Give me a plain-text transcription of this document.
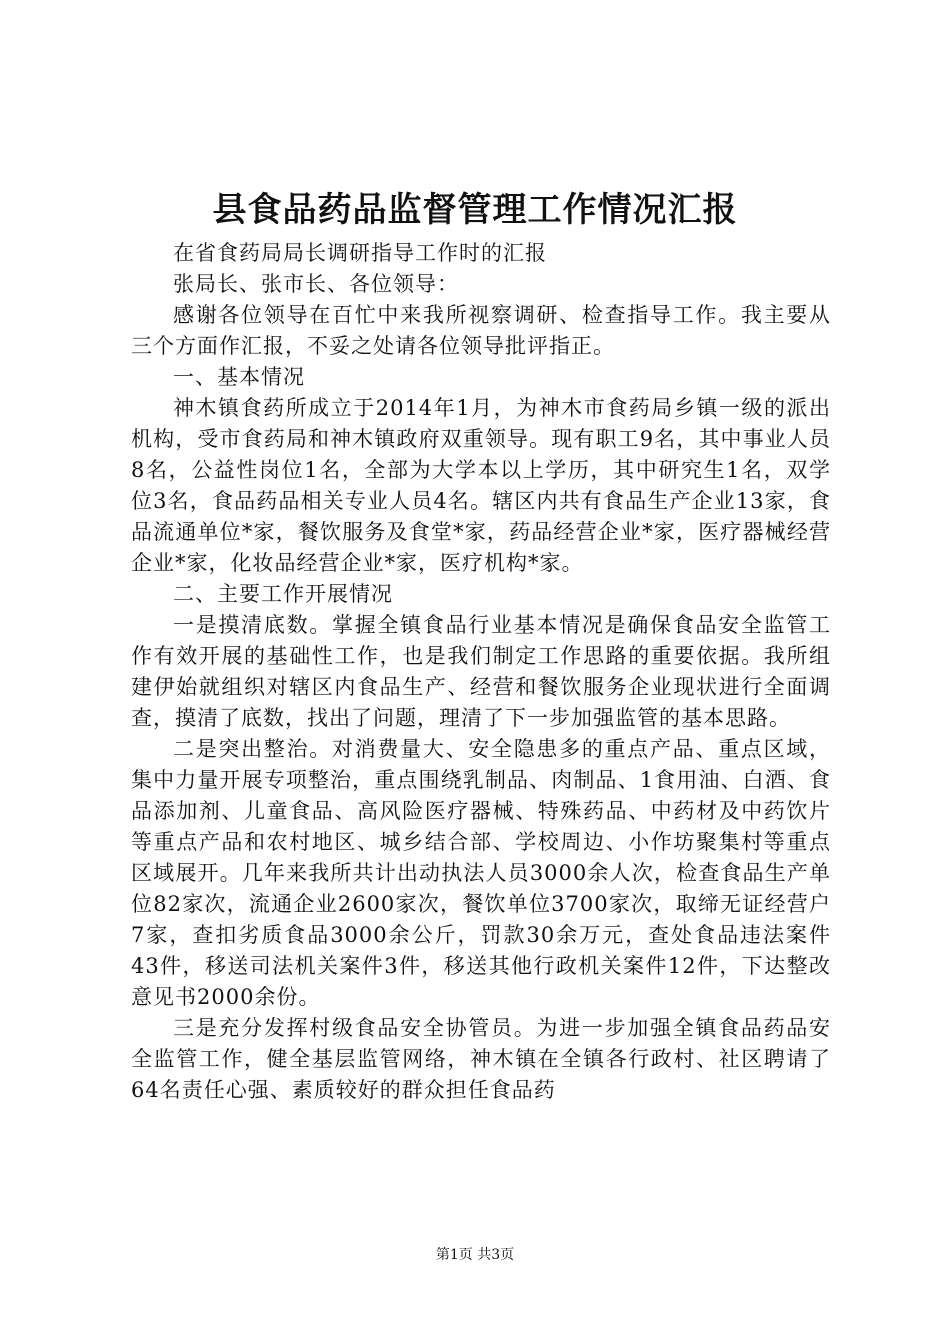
县食品药品监督管理工作情况汇报

在省食药局局长调研指导工作时的汇报

张局长、张市长、各位领导：

感谢各位领导在百忙中来我所视察调研、检查指导工作。我主要从三个方面作汇报，不妥之处请各位领导批评指正。

一、基本情况

神木镇食药所成立于2014年1月，为神木市食药局乡镇一级的派出机构，受市食药局和神木镇政府双重领导。现有职工9名，其中事业人员8名，公益性岗位1名，全部为大学本以上学历，其中研究生1名，双学位3名，食品药品相关专业人员4名。辖区内共有食品生产企业13家，食品流通单位*家，餐饮服务及食堂*家，药品经营企业*家，医疗器械经营企业*家，化妆品经营企业*家，医疗机构*家。

二、主要工作开展情况

一是摸清底数。掌握全镇食品行业基本情况是确保食品安全监管工作有效开展的基础性工作，也是我们制定工作思路的重要依据。我所组建伊始就组织对辖区内食品生产、经营和餐饮服务企业现状进行全面调查，摸清了底数，找出了问题，理清了下一步加强监管的基本思路。

二是突出整治。对消费量大、安全隐患多的重点产品、重点区域，集中力量开展专项整治，重点围绕乳制品、肉制品、1食用油、白酒、食品添加剂、儿童食品、高风险医疗器械、特殊药品、中药材及中药饮片等重点产品和农村地区、城乡结合部、学校周边、小作坊聚集村等重点区域展开。几年来我所共计出动执法人员3000余人次，检查食品生产单位82家次，流通企业2600家次，餐饮单位3700家次，取缔无证经营户7家，查扣劣质食品3000余公斤，罚款30余万元，查处食品违法案件43件，移送司法机关案件3件，移送其他行政机关案件12件，下达整改意见书2000余份。

三是充分发挥村级食品安全协管员。为进一步加强全镇食品药品安全监管工作，健全基层监管网络，神木镇在全镇各行政村、社区聘请了64名责任心强、素质较好的群众担任食品药

第1页 共3页
